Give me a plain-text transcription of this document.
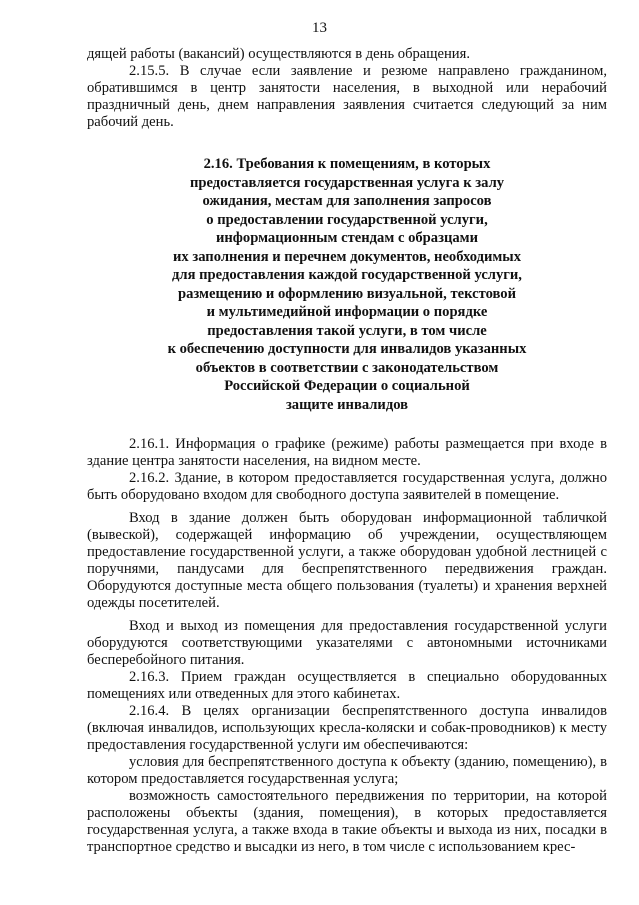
13

дящей работы (вакансий) осуществляются в день обращения.

2.15.5. В случае если заявление и резюме направлено гражданином, обратившимся в центр занятости населения, в выходной или нерабочий праздничный день, днем направления заявления считается следующий за ним рабочий день.

2.16. Требования к помещениям, в которых
предоставляется государственная услуга к залу
ожидания, местам для заполнения запросов
о предоставлении государственной услуги,
информационным стендам с образцами
их заполнения и перечнем документов, необходимых
для предоставления каждой государственной услуги,
размещению и оформлению визуальной, текстовой
и мультимедийной информации о порядке
предоставления такой услуги, в том числе
к обеспечению доступности для инвалидов указанных
объектов в соответствии с законодательством
Российской Федерации о социальной
защите инвалидов

2.16.1. Информация о графике (режиме) работы размещается при входе в здание центра занятости населения, на видном месте.

2.16.2. Здание, в котором предоставляется государственная услуга, должно быть оборудовано входом для свободного доступа заявителей в помещение.

Вход в здание должен быть оборудован информационной табличкой (вывеской), содержащей информацию об учреждении, осуществляющем предоставление государственной услуги, а также оборудован удобной лестницей с поручнями, пандусами для беспрепятственного передвижения граждан. Оборудуются доступные места общего пользования (туалеты) и хранения верхней одежды посетителей.

Вход и выход из помещения для предоставления государственной услуги оборудуются соответствующими указателями с автономными источниками бесперебойного питания.

2.16.3. Прием граждан осуществляется в специально оборудованных помещениях или отведенных для этого кабинетах.

2.16.4. В целях организации беспрепятственного доступа инвалидов (включая инвалидов, использующих кресла-коляски и собак-проводников) к месту предоставления государственной услуги им обеспечиваются:

условия для беспрепятственного доступа к объекту (зданию, помещению), в котором предоставляется государственная услуга;

возможность самостоятельного передвижения по территории, на которой расположены объекты (здания, помещения), в которых предоставляется государственная услуга, а также входа в такие объекты и выхода из них, посадки в транспортное средство и высадки из него, в том числе с использованием крес-
